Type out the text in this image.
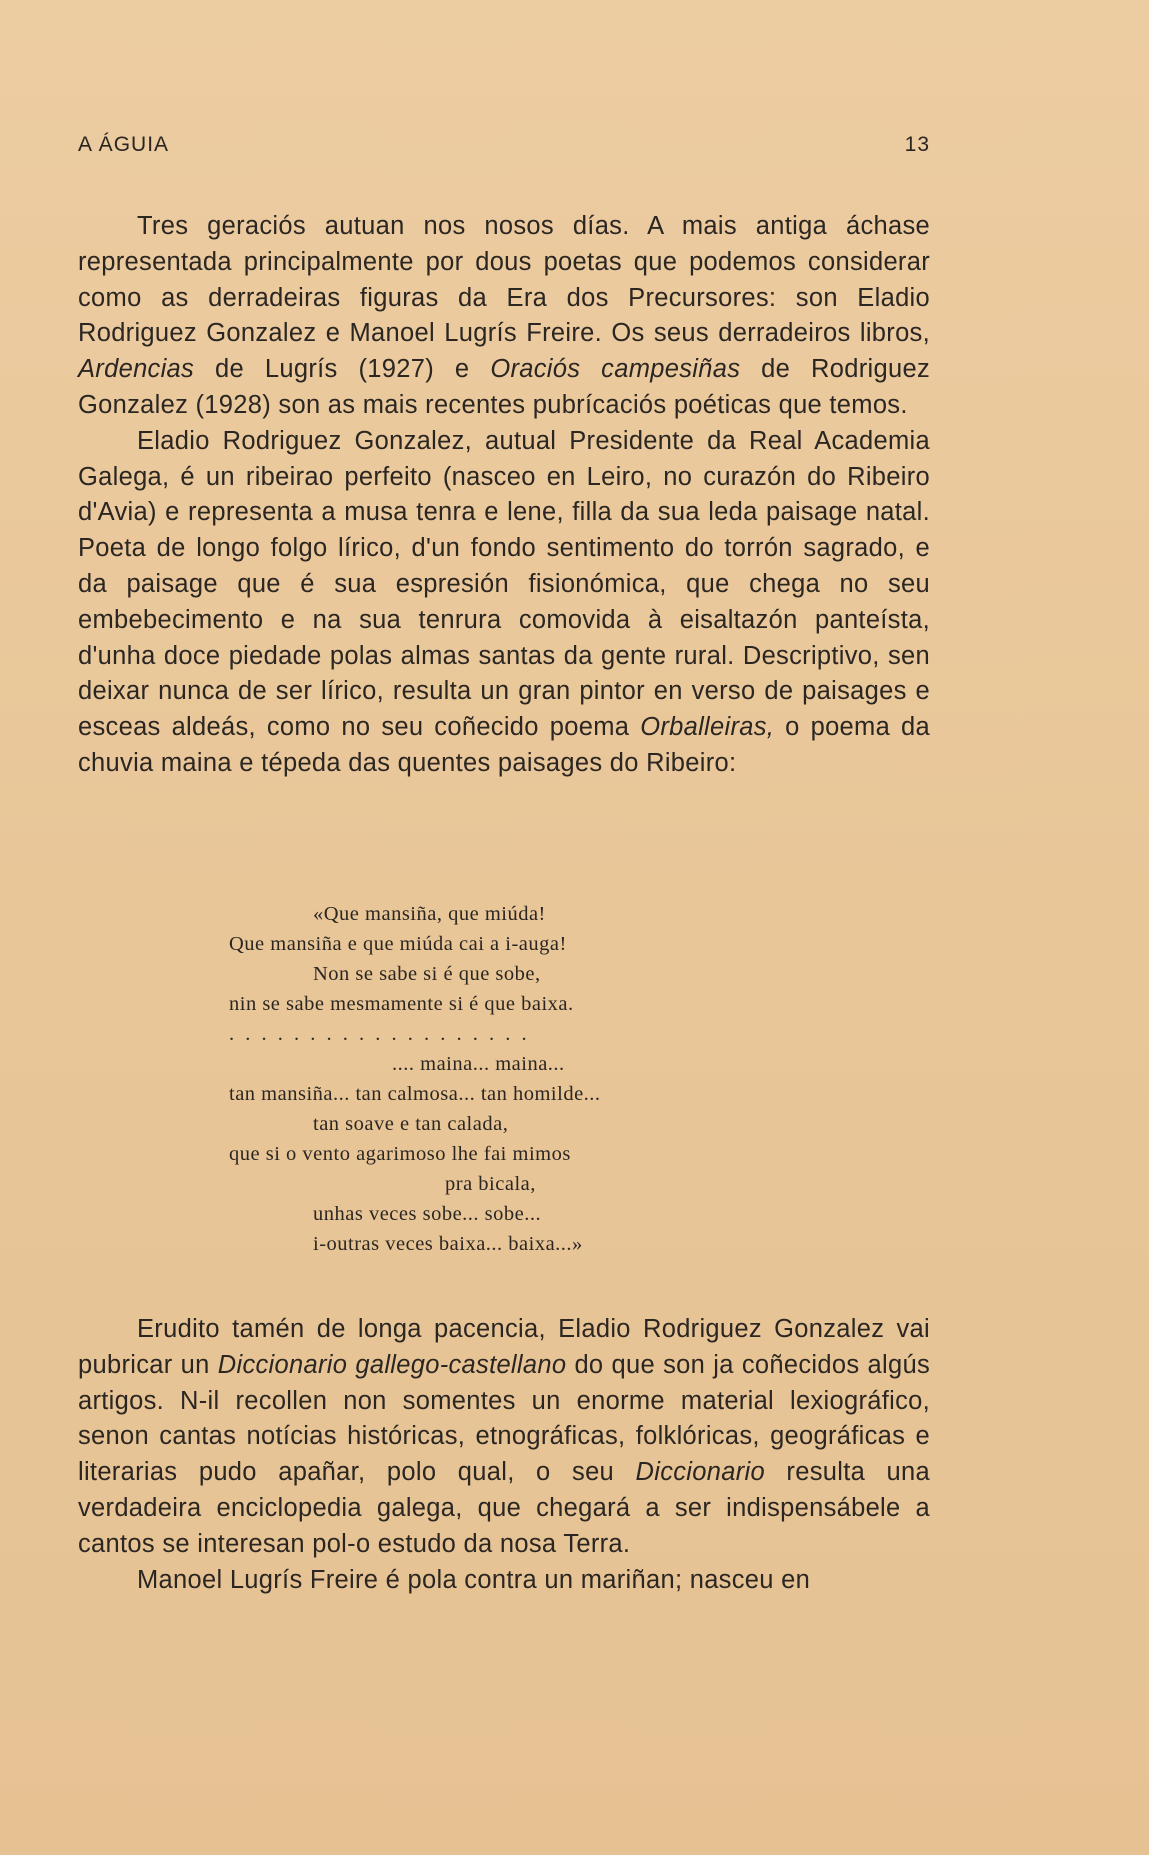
A ÁGUIA	13

Tres geraciós autuan nos nosos días. A mais antiga áchase representada principalmente por dous poetas que podemos considerar como as derradeiras figuras da Era dos Precursores: son Eladio Rodriguez Gonzalez e Manoel Lugrís Freire. Os seus derradeiros libros, Ardencias de Lugrís (1927) e Oraciós campesiñas de Rodriguez Gonzalez (1928) son as mais recentes pubrícaciós poéticas que temos.

Eladio Rodriguez Gonzalez, autual Presidente da Real Academia Galega, é un ribeirao perfeito (nasceo en Leiro, no curazón do Ribeiro d'Avia) e representa a musa tenra e lene, filla da sua leda paisage natal. Poeta de longo folgo lírico, d'un fondo sentimento do torrón sagrado, e da paisage que é sua espresión fisionómica, que chega no seu embebecimento e na sua tenrura comovida à eisaltazón panteísta, d'unha doce piedade polas almas santas da gente rural. Descriptivo, sen deixar nunca de ser lírico, resulta un gran pintor en verso de paisages e esceas aldeás, como no seu coñecido poema Orballeiras, o poema da chuvia maina e tépeda das quentes paisages do Ribeiro:

«Que mansiña, que miúda!
Que mansiña e que miúda cai a i-auga!
Non se sabe si é que sobe,
nin se sabe mesmamente si é que baixa.
. . . . . . . . . . . . . . . . . . .
.... maina... maina...
tan mansiña... tan calmosa... tan homilde...
tan soave e tan calada,
que si o vento agarimoso lhe fai mimos
pra bicala,
unhas veces sobe... sobe...
i-outras veces baixa... baixa...»

Erudito tamén de longa pacencia, Eladio Rodriguez Gonzalez vai pubricar un Diccionario gallego-castellano do que son ja coñecidos algús artigos. N-il recollen non somentes un enorme material lexiográfico, senon cantas notícias históricas, etnográficas, folklóricas, geográficas e literarias pudo apañar, polo qual, o seu Diccionario resulta una verdadeira enciclopedia galega, que chegará a ser indispensábele a cantos se interesan pol-o estudo da nosa Terra.

Manoel Lugrís Freire é pola contra un mariñan; nasceu en
